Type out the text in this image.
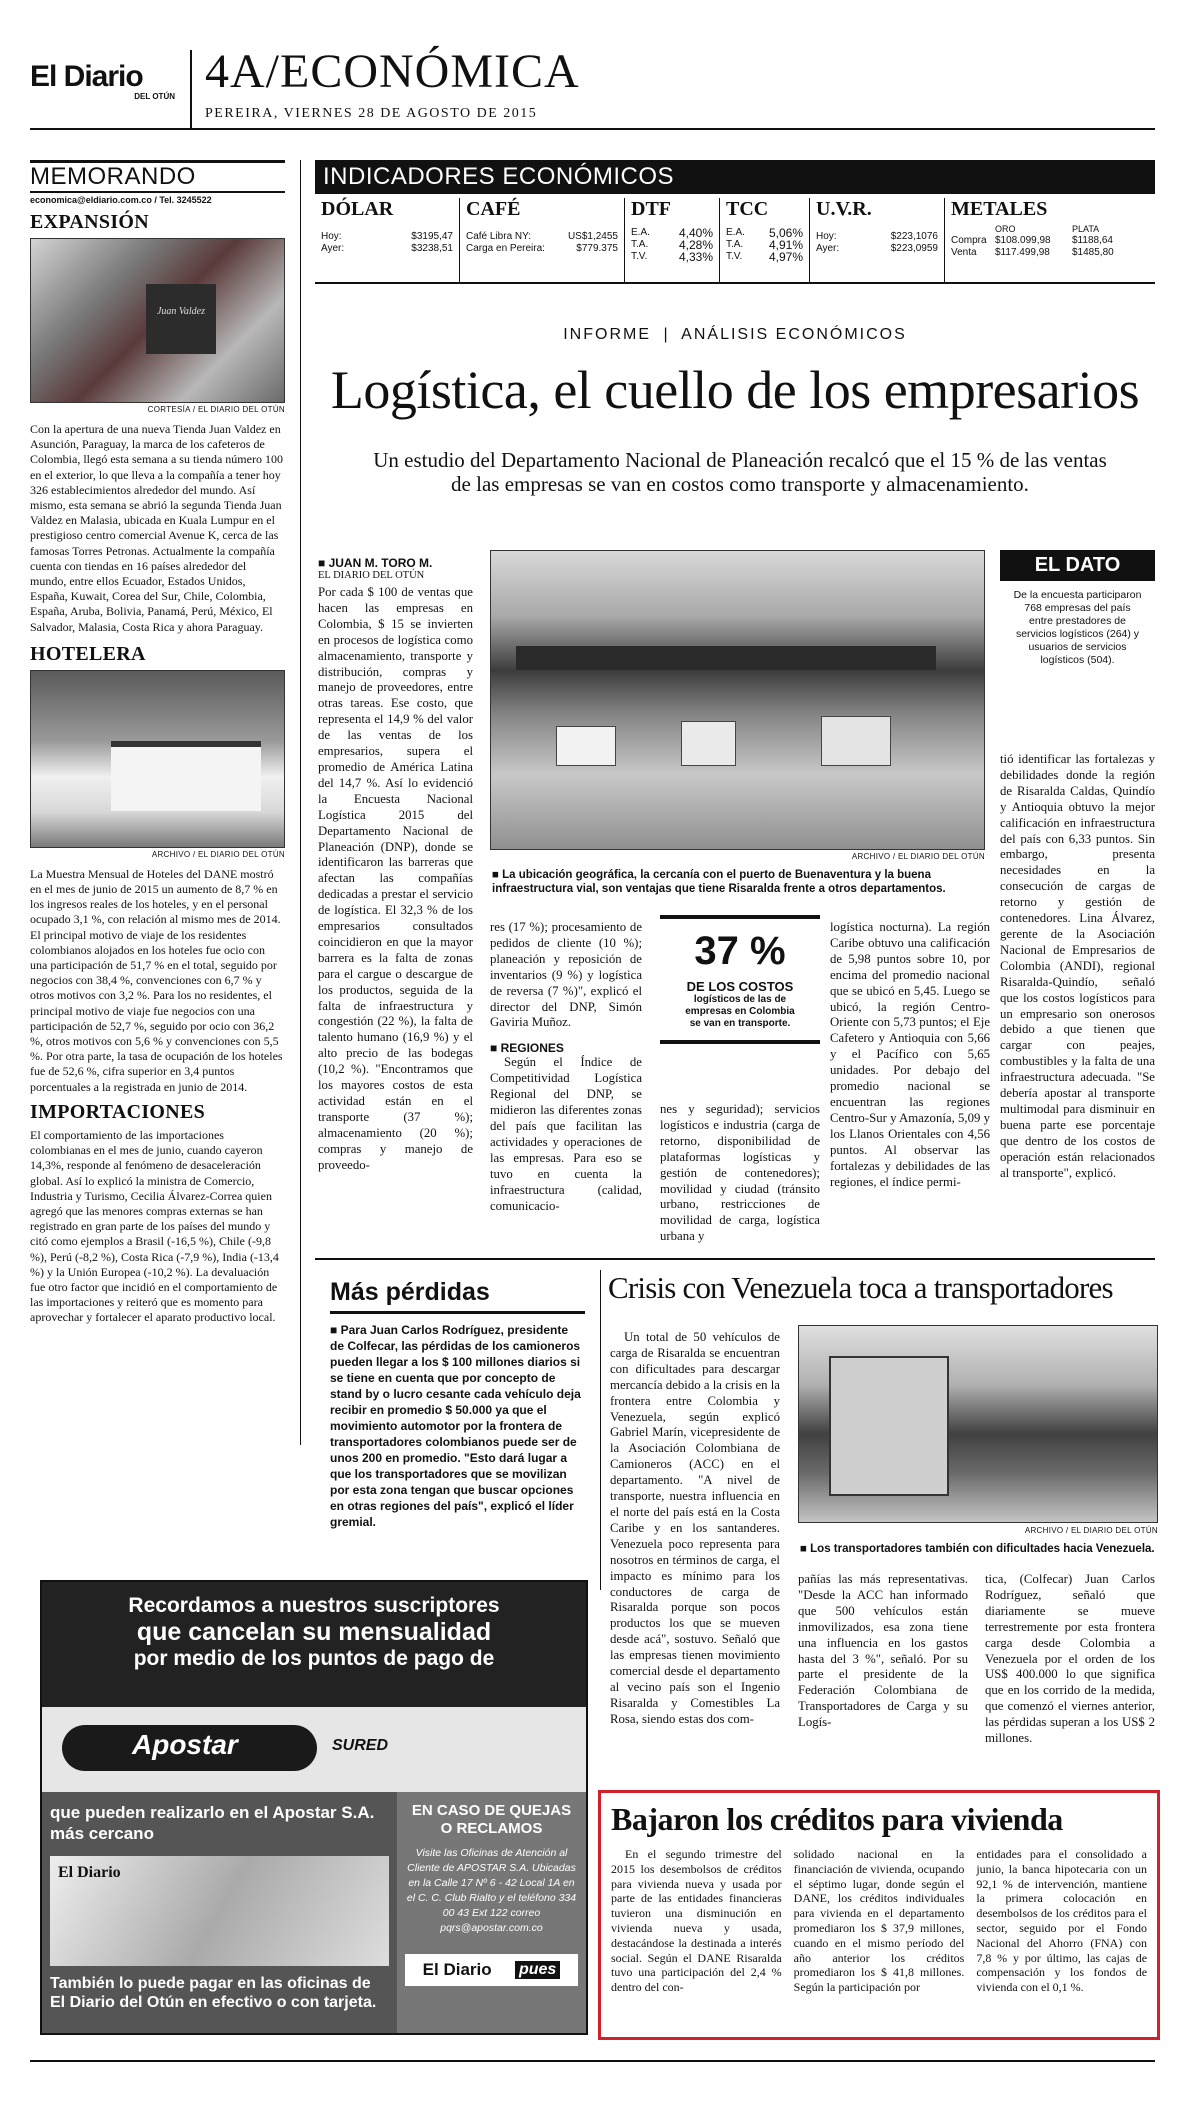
El Diario
DEL OTÚN 4A/ECONÓMICA
PEREIRA, VIERNES 28 DE AGOSTO DE 2015
MEMORANDO
economica@eldiario.com.co / Tel. 3245522
EXPANSIÓN
Juan Valdez
CORTESÍA / EL DIARIO DEL OTÚN
Con la apertura de una nueva Tienda Juan Valdez en Asunción, Paraguay, la marca de los cafeteros de Colombia, llegó esta semana a su tienda número 100 en el exterior, lo que lleva a la compañía a tener hoy 326 establecimientos alrededor del mundo. Así mismo, esta semana se abrió la segunda Tienda Juan Valdez en Malasia, ubicada en Kuala Lumpur en el prestigioso centro comercial Avenue K, cerca de las famosas Torres Petronas. Actualmente la compañía cuenta con tiendas en 16 países alrededor del mundo, entre ellos Ecuador, Estados Unidos, España, Kuwait, Corea del Sur, Chile, Colombia, España, Aruba, Bolivia, Panamá, Perú, México, El Salvador, Malasia, Costa Rica y ahora Paraguay.
HOTELERA
ARCHIVO / EL DIARIO DEL OTÚN
La Muestra Mensual de Hoteles del DANE mostró en el mes de junio de 2015 un aumento de 8,7 % en los ingresos reales de los hoteles, y en el personal ocupado 3,1 %, con relación al mismo mes de 2014. El principal motivo de viaje de los residentes colombianos alojados en los hoteles fue ocio con una participación de 51,7 % en el total, seguido por negocios con 38,4 %, convenciones con 6,7 % y otros motivos con 3,2 %. Para los no residentes, el principal motivo de viaje fue negocios con una participación de 52,7 %, seguido por ocio con 36,2 %, otros motivos con 5,6 % y convenciones con 5,5 %. Por otra parte, la tasa de ocupación de los hoteles fue de 52,6 %, cifra superior en 3,4 puntos porcentuales a la registrada en junio de 2014.
IMPORTACIONES
El comportamiento de las importaciones colombianas en el mes de junio, cuando cayeron 14,3%, responde al fenómeno de desaceleración global. Así lo explicó la ministra de Comercio, Industria y Turismo, Cecilia Álvarez-Correa quien agregó que las menores compras externas se han registrado en gran parte de los países del mundo y citó como ejemplos a Brasil (-16,5 %), Chile (-9,8 %), Perú (-8,2 %), Costa Rica (-7,9 %), India (-13,4 %) y la Unión Europea (-10,2 %). La devaluación fue otro factor que incidió en el comportamiento de las importaciones y reiteró que es momento para aprovechar y fortalecer el aparato productivo local.
INDICADORES ECONÓMICOS
DÓLAR
Hoy:	$3195,47
Ayer:	$3238,51
CAFÉ
Café Libra NY:	US$1,2455
Carga en Pereira:	$779.375
DTF
E.A. 4,40%
T.A.	4,28%
T.V.	4,33%
TCC
E.A. 5,06%
T.A. 4,91%
T.V. 4,97%
U.V.R.
Hoy:	$223,1076
Ayer:	$223,0959
METALES
ORO	PLATA
Compra $108.099,98	$1188,64
Venta	$117.499,98	$1485,80
INFORME | ANÁLISIS ECONÓMICOS
Logística, el cuello de los empresarios
Un estudio del Departamento Nacional de Planeación recalcó que el 15 % de las ventas de las empresas se van en costos como transporte y almacenamiento.
EL DATO
De la encuesta participaron 768 empresas del país entre prestadores de servicios logísticos (264) y usuarios de servicios logísticos (504).
■ JUAN M. TORO M.
EL DIARIO DEL OTÚN
Por cada $ 100 de ventas que hacen las empresas en Colombia, $ 15 se invierten en procesos de logística como almacenamiento, transporte y distribución, compras y manejo de proveedores, entre otras tareas. Ese costo, que representa el 14,9 % del valor de las ventas de los empresarios, supera el promedio de América Latina del 14,7 %. Así lo evidenció la Encuesta Nacional Logística 2015 del Departamento Nacional de Planeación (DNP), donde se identificaron las barreras que afectan las compañías dedicadas a prestar el servicio de logística. El 32,3 % de los empresarios consultados coincidieron en que la mayor barrera es la falta de zonas para el cargue o descargue de los productos, seguida de la falta de infraestructura y congestión (22 %), la falta de talento humano (16,9 %) y el alto precio de las bodegas (10,2 %). "Encontramos que los mayores costos de esta actividad están en el transporte (37 %); almacenamiento (20 %); compras y manejo de proveedo-
ARCHIVO / EL DIARIO DEL OTÚN
■ La ubicación geográfica, la cercanía con el puerto de Buenaventura y la buena infraestructura vial, son ventajas que tiene Risaralda frente a otros departamentos.
res (17 %); procesamiento de pedidos de cliente (10 %); planeación y reposición de inventarios (9 %) y logística de reversa (7 %)", explicó el director del DNP, Simón Gaviria Muñoz.
■ REGIONES
Según el Índice de Competitividad Logística Regional del DNP, se midieron las diferentes zonas del país que facilitan las actividades y operaciones de las empresas. Para eso se tuvo en cuenta la infraestructura (calidad, comunicacio-
37 %
DE LOS COSTOS
logísticos de las de empresas en Colombia se van en transporte.
nes y seguridad); servicios logísticos e industria (carga de retorno, disponibilidad de plataformas logísticas y gestión de contenedores); movilidad y ciudad (tránsito urbano, restricciones de movilidad de carga, logística urbana y
logística nocturna). La región Caribe obtuvo una calificación de 5,98 puntos sobre 10, por encima del promedio nacional que se ubicó en 5,45. Luego se ubicó, la región Centro-Oriente con 5,73 puntos; el Eje Cafetero y Antioquia con 5,66 y el Pacífico con 5,65 unidades. Por debajo del promedio nacional se encuentran las regiones Centro-Sur y Amazonía, 5,09 y los Llanos Orientales con 4,56 puntos. Al observar las fortalezas y debilidades de las regiones, el índice permi-
tió identificar las fortalezas y debilidades donde la región de Risaralda Caldas, Quindío y Antioquia obtuvo la mejor calificación en infraestructura del país con 6,33 puntos. Sin embargo, presenta necesidades en la consecución de cargas de retorno y gestión de contenedores. Lina Álvarez, gerente de la Asociación Nacional de Empresarios de Colombia (ANDI), regional Risaralda-Quindío, señaló que los costos logísticos para un empresario son onerosos debido a que tienen que cargar con peajes, combustibles y la falta de una infraestructura adecuada. "Se debería apostar al transporte multimodal para disminuir en buena parte ese porcentaje que dentro de los costos de operación están relacionados al transporte", explicó.
Más pérdidas
■ Para Juan Carlos Rodríguez, presidente de Colfecar, las pérdidas de los camioneros pueden llegar a los $ 100 millones diarios si se tiene en cuenta que por concepto de stand by o lucro cesante cada vehículo deja recibir en promedio $ 50.000 ya que el movimiento automotor por la frontera de transportadores colombianos puede ser de unos 200 en promedio. "Esto dará lugar a que los transportadores que se movilizan por esta zona tengan que buscar opciones en otras regiones del país", explicó el líder gremial.
Crisis con Venezuela toca a transportadores
Un total de 50 vehículos de carga de Risaralda se encuentran con dificultades para descargar mercancía debido a la crisis en la frontera entre Colombia y Venezuela, según explicó Gabriel Marín, vicepresidente de la Asociación Colombiana de Camioneros (ACC) en el departamento. "A nivel de transporte, nuestra influencia en el norte del país está en la Costa Caribe y en los santanderes. Venezuela poco representa para nosotros en términos de carga, el impacto es mínimo para los conductores de carga de Risaralda porque son pocos productos los que se mueven desde acá", sostuvo. Señaló que las empresas tienen movimiento comercial desde el departamento al vecino país son el Ingenio Risaralda y Comestibles La Rosa, siendo estas dos com-
ARCHIVO / EL DIARIO DEL OTÚN
■ Los transportadores también con dificultades hacia Venezuela.
pañías las más representativas. "Desde la ACC han informado que 500 vehículos están inmovilizados, esa zona tiene una influencia en los gastos hasta del 3 %", señaló. Por su parte el presidente de la Federación Colombiana de Transportadores de Carga y su Logís-
tica, (Colfecar) Juan Carlos Rodríguez, señaló que diariamente se mueve terrestremente por esta frontera carga desde Colombia a Venezuela por el orden de los US$ 400.000 lo que significa que en los corrido de la medida, que comenzó el viernes anterior, las pérdidas superan a los US$ 2 millones.
Recordamos a nuestros suscriptores
que cancelan su mensualidad
por medio de los puntos de pago de
Apostar	SURED
que pueden realizarlo en el Apostar S.A. más cercano
El Diario
También lo puede pagar en las oficinas de El Diario del Otún en efectivo o con tarjeta.
EN CASO DE QUEJAS O RECLAMOS
Visite las Oficinas de Atención al Cliente de APOSTAR S.A. Ubicadas en la Calle 17 Nº 6 - 42 Local 1A en el C. C. Club Rialto y el teléfono 334 00 43 Ext 122 correo pqrs@apostar.com.co
El Diario pues
Bajaron los créditos para vivienda
En el segundo trimestre del 2015 los desembolsos de créditos para vivienda nueva y usada por parte de las entidades financieras tuvieron una disminución en vivienda nueva y usada, destacándose la destinada a interés social. Según el DANE Risaralda tuvo una participación del 2,4 % dentro del con-
solidado nacional en la financiación de vivienda, ocupando el séptimo lugar, donde según el DANE, los créditos individuales para vivienda en el departamento promediaron los $ 37,9 millones, cuando en el mismo período del año anterior los créditos promediaron los $ 41,8 millones. Según la participación por
entidades para el consolidado a junio, la banca hipotecaria con un 92,1 % de intervención, mantiene la primera colocación en desembolsos de los créditos para el sector, seguido por el Fondo Nacional del Ahorro (FNA) con 7,8 % y por último, las cajas de compensación y los fondos de vivienda con el 0,1 %.
